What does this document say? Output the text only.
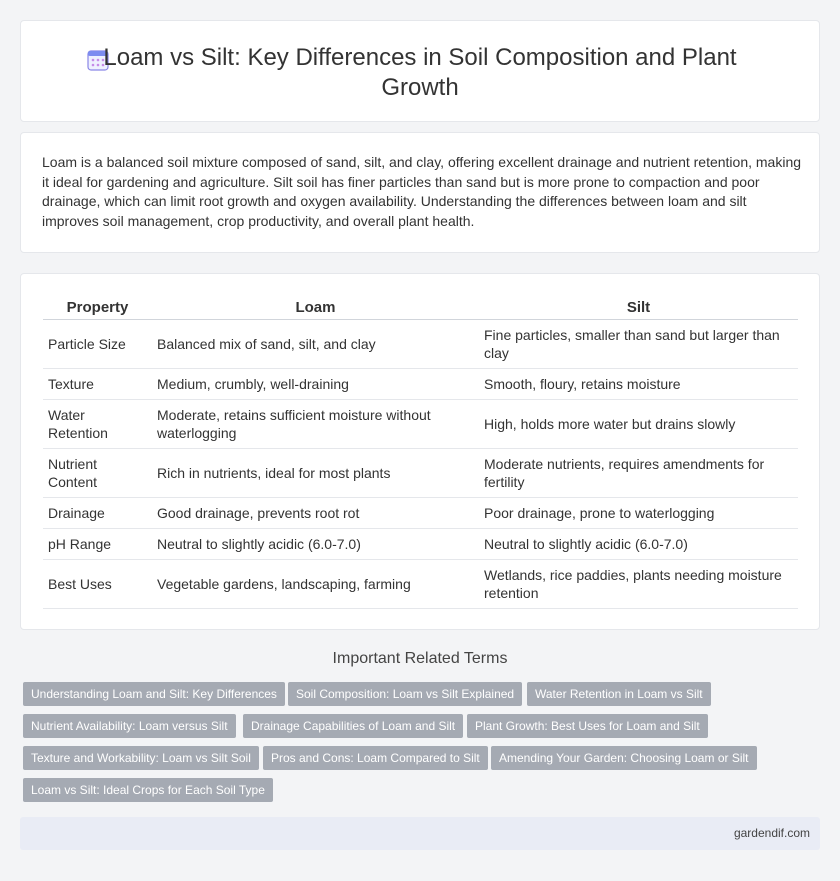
Loam vs Silt: Key Differences in Soil Composition and Plant Growth

Loam is a balanced soil mixture composed of sand, silt, and clay, offering excellent drainage and nutrient retention, making it ideal for gardening and agriculture. Silt soil has finer particles than sand but is more prone to compaction and poor drainage, which can limit root growth and oxygen availability. Understanding the differences between loam and silt improves soil management, crop productivity, and overall plant health.

Property	Loam	Silt
Particle Size	Balanced mix of sand, silt, and clay	Fine particles, smaller than sand but larger than clay
Texture	Medium, crumbly, well-draining	Smooth, floury, retains moisture
Water Retention	Moderate, retains sufficient moisture without waterlogging	High, holds more water but drains slowly
Nutrient Content	Rich in nutrients, ideal for most plants	Moderate nutrients, requires amendments for fertility
Drainage	Good drainage, prevents root rot	Poor drainage, prone to waterlogging
pH Range	Neutral to slightly acidic (6.0-7.0)	Neutral to slightly acidic (6.0-7.0)
Best Uses	Vegetable gardens, landscaping, farming	Wetlands, rice paddies, plants needing moisture retention
Important Related Terms
Understanding Loam and Silt: Key Differences	Soil Composition: Loam vs Silt Explained	Water Retention in Loam vs Silt
Nutrient Availability: Loam versus Silt	Drainage Capabilities of Loam and Silt	Plant Growth: Best Uses for Loam and Silt
Texture and Workability: Loam vs Silt Soil	Pros and Cons: Loam Compared to Silt	Amending Your Garden: Choosing Loam or Silt
Loam vs Silt: Ideal Crops for Each Soil Type
gardendif.com
